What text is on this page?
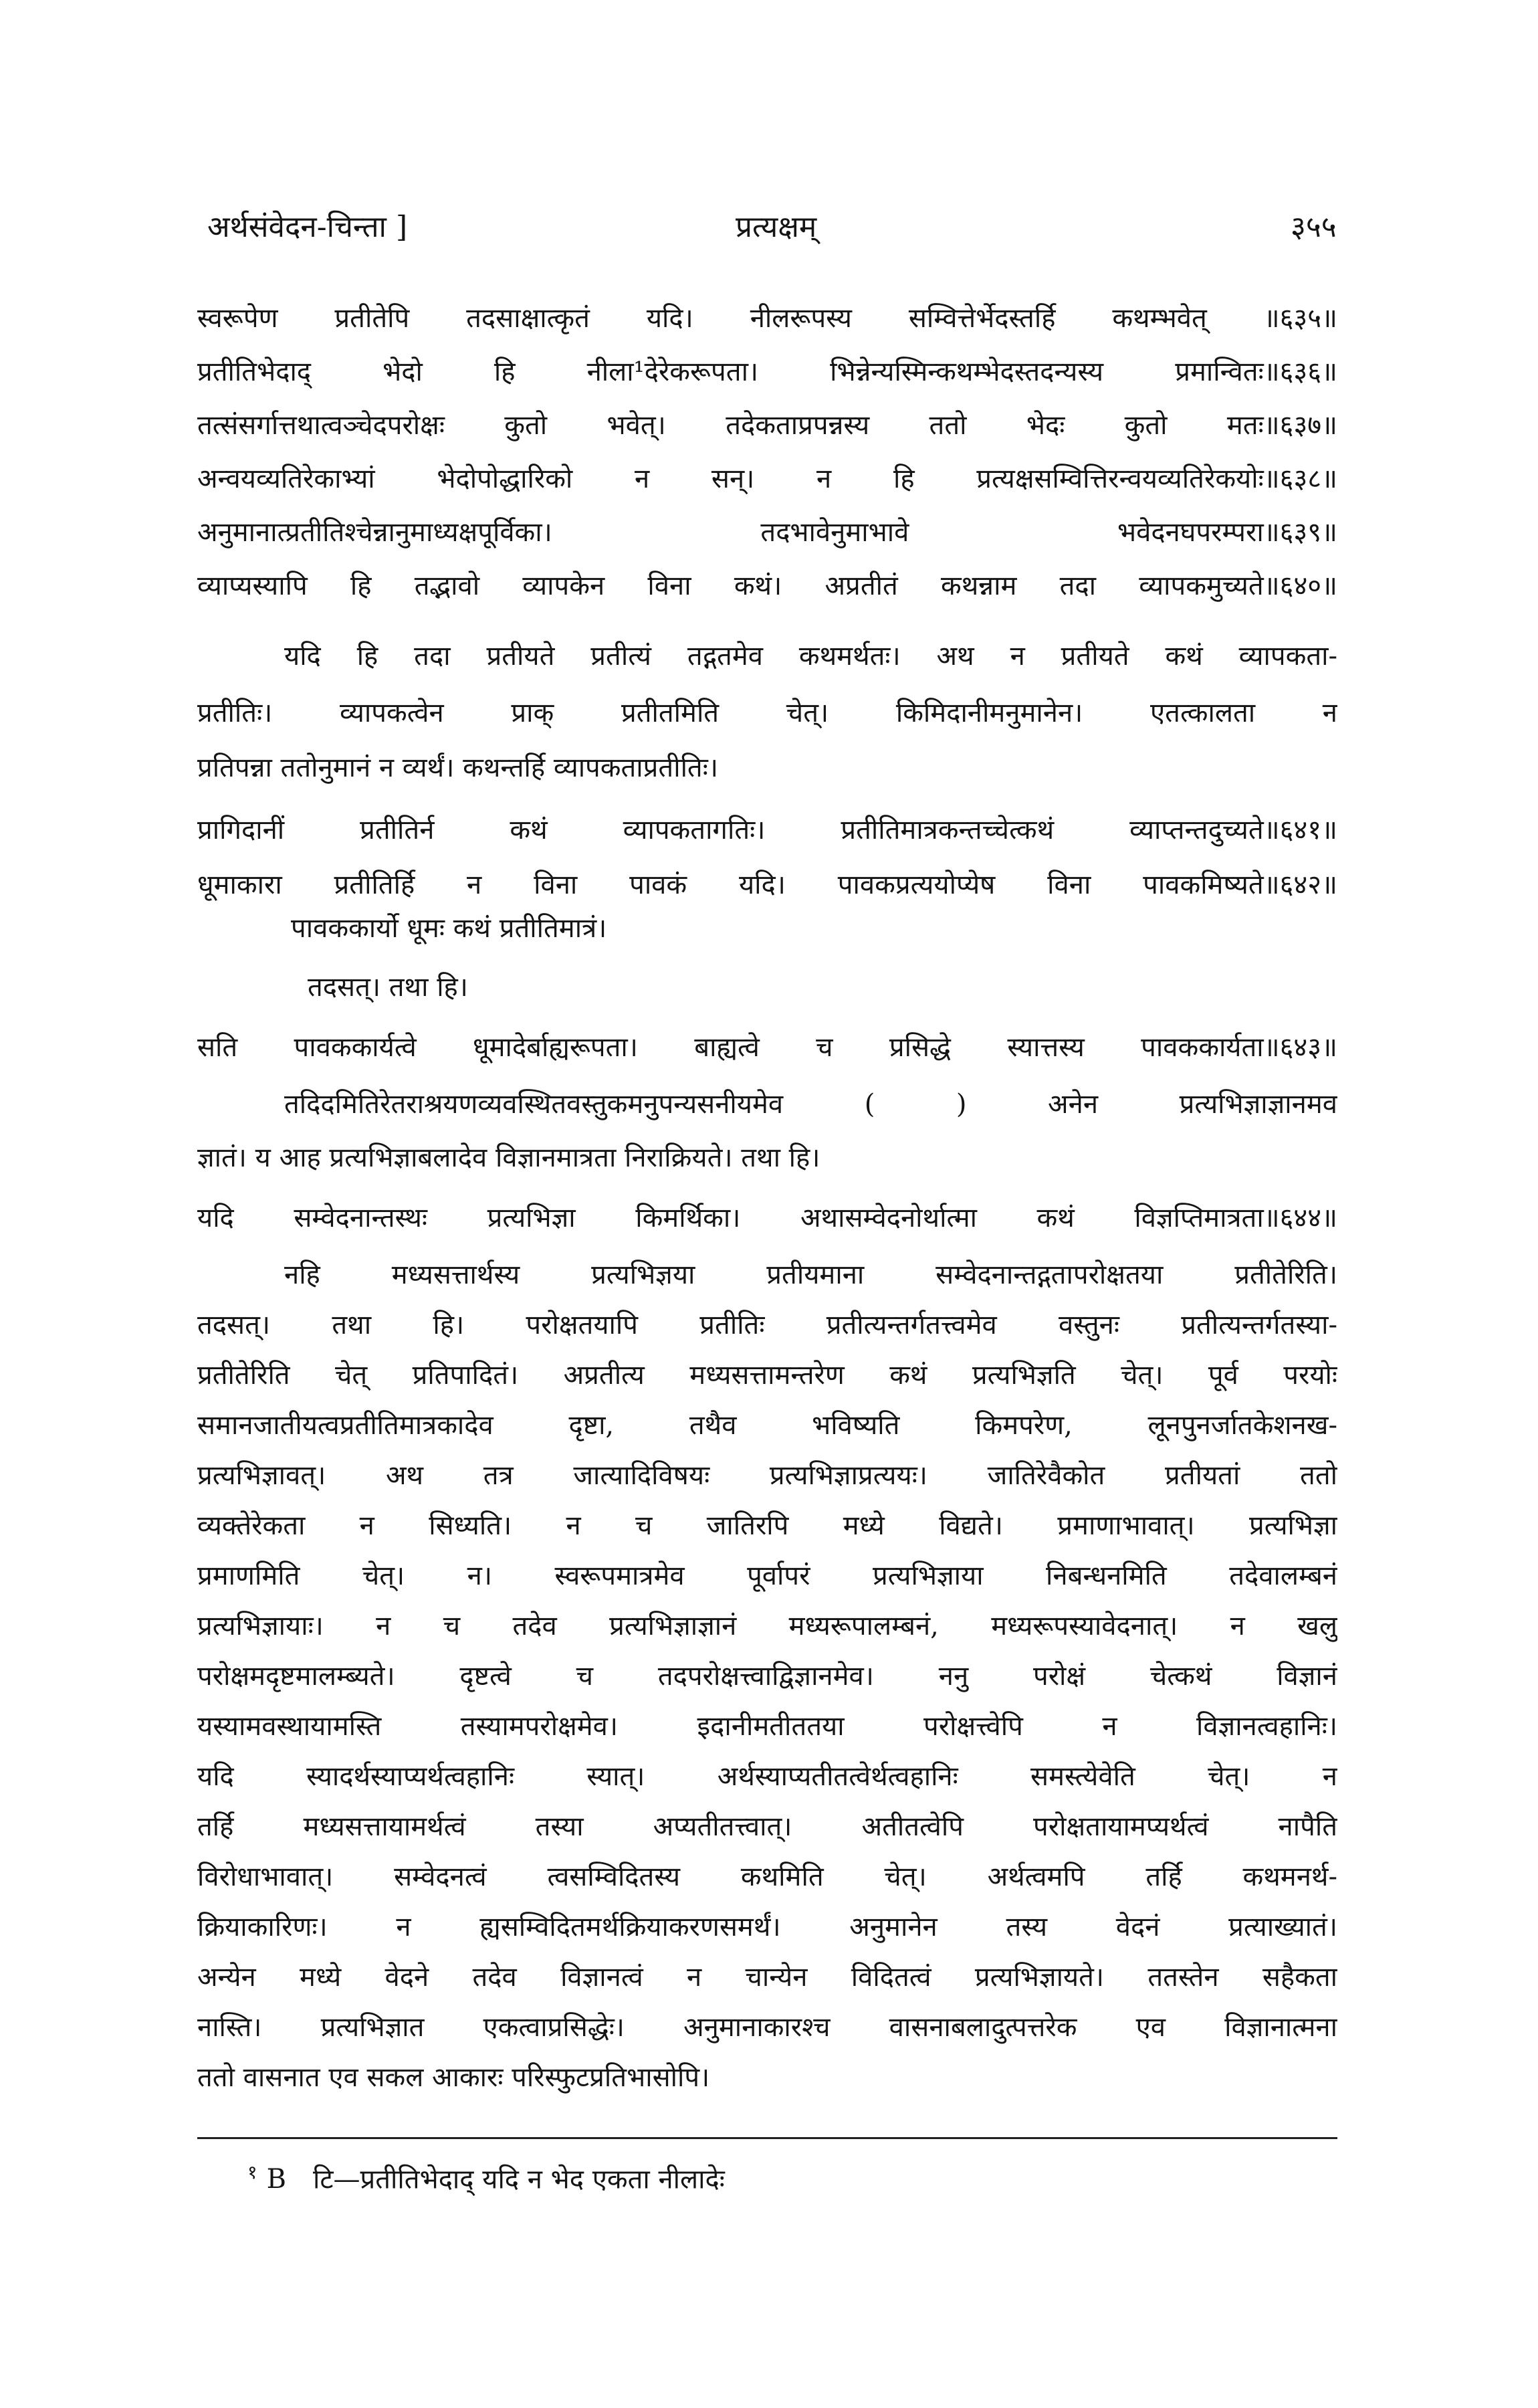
अर्थसंवेदन-चिन्ता ]	प्रत्यक्षम्	३५५
स्वरूपेण प्रतीतेपि तदसाक्षात्कृतं यदि। नीलरूपस्य सम्वित्तेर्भेदस्तर्हि कथम्भवेत् ॥६३५॥
प्रतीतिभेदाद् भेदो हि नीला¹देरेकरूपता। भिन्नेन्यस्मिन्कथम्भेदस्तदन्यस्य प्रमान्वितः॥६३६॥
तत्संसर्गात्तथात्वञ्चेदपरोक्षः कुतो भवेत्। तदेकताप्रपन्नस्य ततो भेदः कुतो मतः॥६३७॥
अन्वयव्यतिरेकाभ्यां भेदोपोद्धारिको न सन्। न हि प्रत्यक्षसम्वित्तिरन्वयव्यतिरेकयोः॥६३८॥
अनुमानात्प्रतीतिश्चेन्नानुमाध्यक्षपूर्विका। तदभावेनुमाभावे भवेदनघपरम्परा॥६३९॥
व्याप्यस्यापि हि तद्भावो व्यापकेन विना कथं। अप्रतीतं कथन्नाम तदा व्यापकमुच्यते॥६४०॥
यदि हि तदा प्रतीयते प्रतीत्यं तद्गतमेव कथमर्थतः। अथ न प्रतीयते कथं व्यापकता-
प्रतीतिः। व्यापकत्वेन प्राक् प्रतीतमिति चेत्। किमिदानीमनुमानेन। एतत्कालता न
प्रतिपन्ना ततोनुमानं न व्यर्थं। कथन्तर्हि व्यापकताप्रतीतिः।
प्रागिदानीं प्रतीतिर्न कथं व्यापकतागतिः। प्रतीतिमात्रकन्तच्चेत्कथं व्याप्तन्तदुच्यते॥६४१॥
धूमाकारा प्रतीतिर्हि न विना पावकं यदि। पावकप्रत्ययोप्येष विना पावकमिष्यते॥६४२॥
पावककार्यो धूमः कथं प्रतीतिमात्रं।
तदसत्। तथा हि।
सति पावककार्यत्वे धूमादेर्बाह्यरूपता। बाह्यत्वे च प्रसिद्धे स्यात्तस्य पावककार्यता॥६४३॥
तदिदमितिरेतराश्रयणव्यवस्थितवस्तुकमनुपन्यसनीयमेव ( ) अनेन प्रत्यभिज्ञाज्ञानमव
ज्ञातं। य आह प्रत्यभिज्ञाबलादेव विज्ञानमात्रता निराक्रियते। तथा हि।
यदि सम्वेदनान्तस्थः प्रत्यभिज्ञा किमर्थिका। अथासम्वेदनोर्थात्मा कथं विज्ञप्तिमात्रता॥६४४॥
नहि मध्यसत्तार्थस्य प्रत्यभिज्ञया प्रतीयमाना सम्वेदनान्तद्गतापरोक्षतया प्रतीतेरिति।
तदसत्। तथा हि। परोक्षतयापि प्रतीतिः प्रतीत्यन्तर्गतत्त्वमेव वस्तुनः प्रतीत्यन्तर्गतस्या-
प्रतीतेरिति चेत् प्रतिपादितं। अप्रतीत्य मध्यसत्तामन्तरेण कथं प्रत्यभिज्ञति चेत्। पूर्व परयोः
समानजातीयत्वप्रतीतिमात्रकादेव दृष्टा, तथैव भविष्यति किमपरेण, लूनपुनर्जातकेशनख-
प्रत्यभिज्ञावत्। अथ तत्र जात्यादिविषयः प्रत्यभिज्ञाप्रत्ययः। जातिरेवैकोत प्रतीयतां ततो
व्यक्तेरेकता न सिध्यति। न च जातिरपि मध्ये विद्यते। प्रमाणाभावात्। प्रत्यभिज्ञा
प्रमाणमिति चेत्। न। स्वरूपमात्रमेव पूर्वापरं प्रत्यभिज्ञाया निबन्धनमिति तदेवालम्बनं
प्रत्यभिज्ञायाः। न च तदेव प्रत्यभिज्ञाज्ञानं मध्यरूपालम्बनं, मध्यरूपस्यावेदनात्। न खलु
परोक्षमदृष्टमालम्ब्यते। दृष्टत्वे च तदपरोक्षत्त्वाद्विज्ञानमेव। ननु परोक्षं चेत्कथं विज्ञानं
यस्यामवस्थायामस्ति तस्यामपरोक्षमेव। इदानीमतीततया परोक्षत्त्वेपि न विज्ञानत्वहानिः।
यदि स्यादर्थस्याप्यर्थत्वहानिः स्यात्। अर्थस्याप्यतीतत्वेर्थत्वहानिः समस्त्येवेति चेत्। न
तर्हि मध्यसत्तायामर्थत्वं तस्या अप्यतीतत्त्वात्। अतीतत्वेपि परोक्षतायामप्यर्थत्वं नापैति
विरोधाभावात्। सम्वेदनत्वं त्वसम्विदितस्य कथमिति चेत्। अर्थत्वमपि तर्हि कथमनर्थ-
क्रियाकारिणः। न ह्यसम्विदितमर्थक्रियाकरणसमर्थं। अनुमानेन तस्य वेदनं प्रत्याख्यातं।
अन्येन मध्ये वेदने तदेव विज्ञानत्वं न चान्येन विदितत्वं प्रत्यभिज्ञायते। ततस्तेन सहैकता
नास्ति। प्रत्यभिज्ञात एकत्वाप्रसिद्धेः। अनुमानाकारश्च वासनाबलादुत्पत्तरेक एव विज्ञानात्मना
ततो वासनात एव सकल आकारः परिस्फुटप्रतिभासोपि।
$^१$ B टि—प्रतीतिभेदाद् यदि न भेद एकता नीलादेः
